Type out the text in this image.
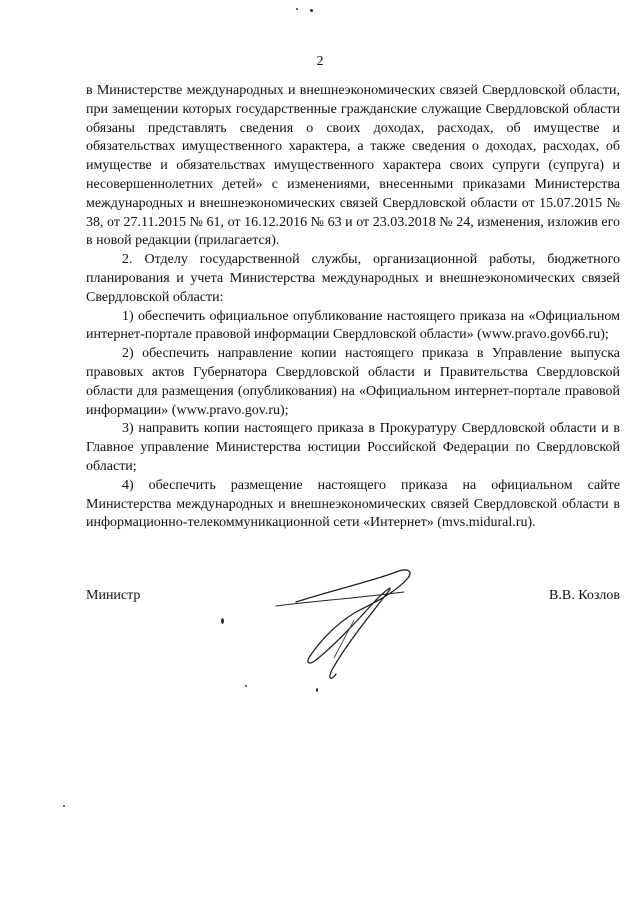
2

в Министерстве международных и внешнеэкономических связей Свердловской области, при замещении которых государственные гражданские служащие Свердловской области обязаны представлять сведения о своих доходах, расходах, об имуществе и обязательствах имущественного характера, а также сведения о доходах, расходах, об имуществе и обязательствах имущественного характера своих супруги (супруга) и несовершеннолетних детей» с изменениями, внесенными приказами Министерства международных и внешнеэкономических связей Свердловской области от 15.07.2015 № 38, от 27.11.2015 № 61, от 16.12.2016 № 63 и от 23.03.2018 № 24, изменения, изложив его в новой редакции (прилагается).

2. Отделу государственной службы, организационной работы, бюджетного планирования и учета Министерства международных и внешнеэкономических связей Свердловской области:

1) обеспечить официальное опубликование настоящего приказа на «Официальном интернет-портале правовой информации Свердловской области» (www.pravo.gov66.ru);

2) обеспечить направление копии настоящего приказа в Управление выпуска правовых актов Губернатора Свердловской области и Правительства Свердловской области для размещения (опубликования) на «Официальном интернет-портале правовой информации» (www.pravo.gov.ru);

3) направить копии настоящего приказа в Прокуратуру Свердловской области и в Главное управление Министерства юстиции Российской Федерации по Свердловской области;

4) обеспечить размещение настоящего приказа на официальном сайте Министерства международных и внешнеэкономических связей Свердловской области в информационно-телекоммуникационной сети «Интернет» (mvs.midural.ru).

Министр	В.В. Козлов
